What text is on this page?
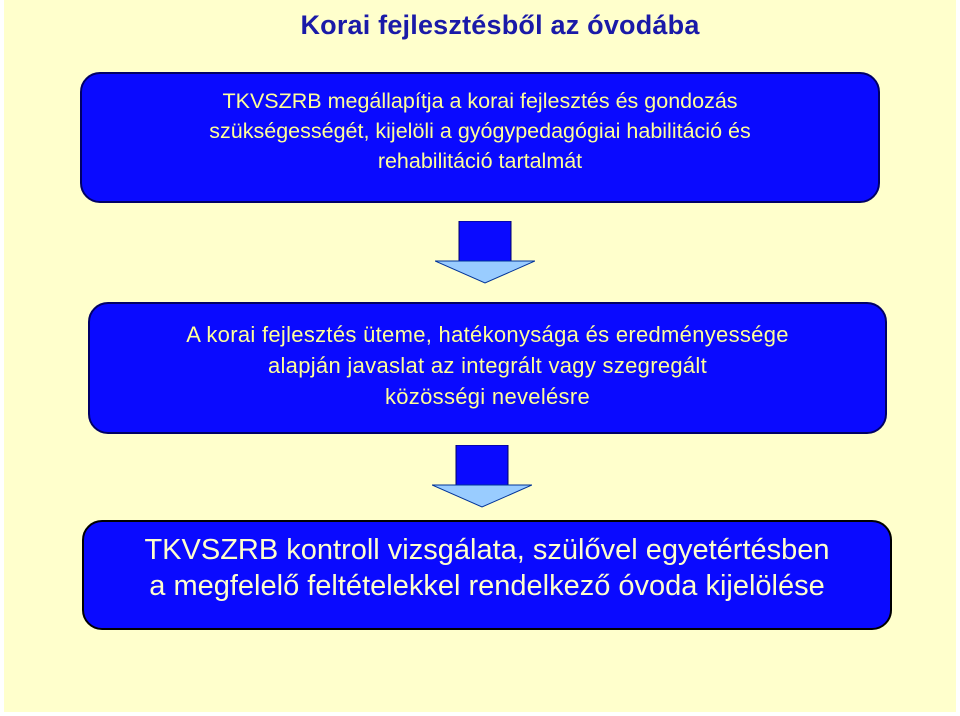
Korai fejlesztésből az óvodába
TKVSZRB megállapítja a korai fejlesztés és gondozás
szükségességét, kijelöli a gyógypedagógiai habilitáció és
rehabilitáció tartalmát
A korai fejlesztés üteme, hatékonysága és eredményessége
alapján javaslat az integrált vagy szegregált
közösségi nevelésre
TKVSZRB kontroll vizsgálata, szülővel egyetértésben
a megfelelő feltételekkel rendelkező óvoda kijelölése
